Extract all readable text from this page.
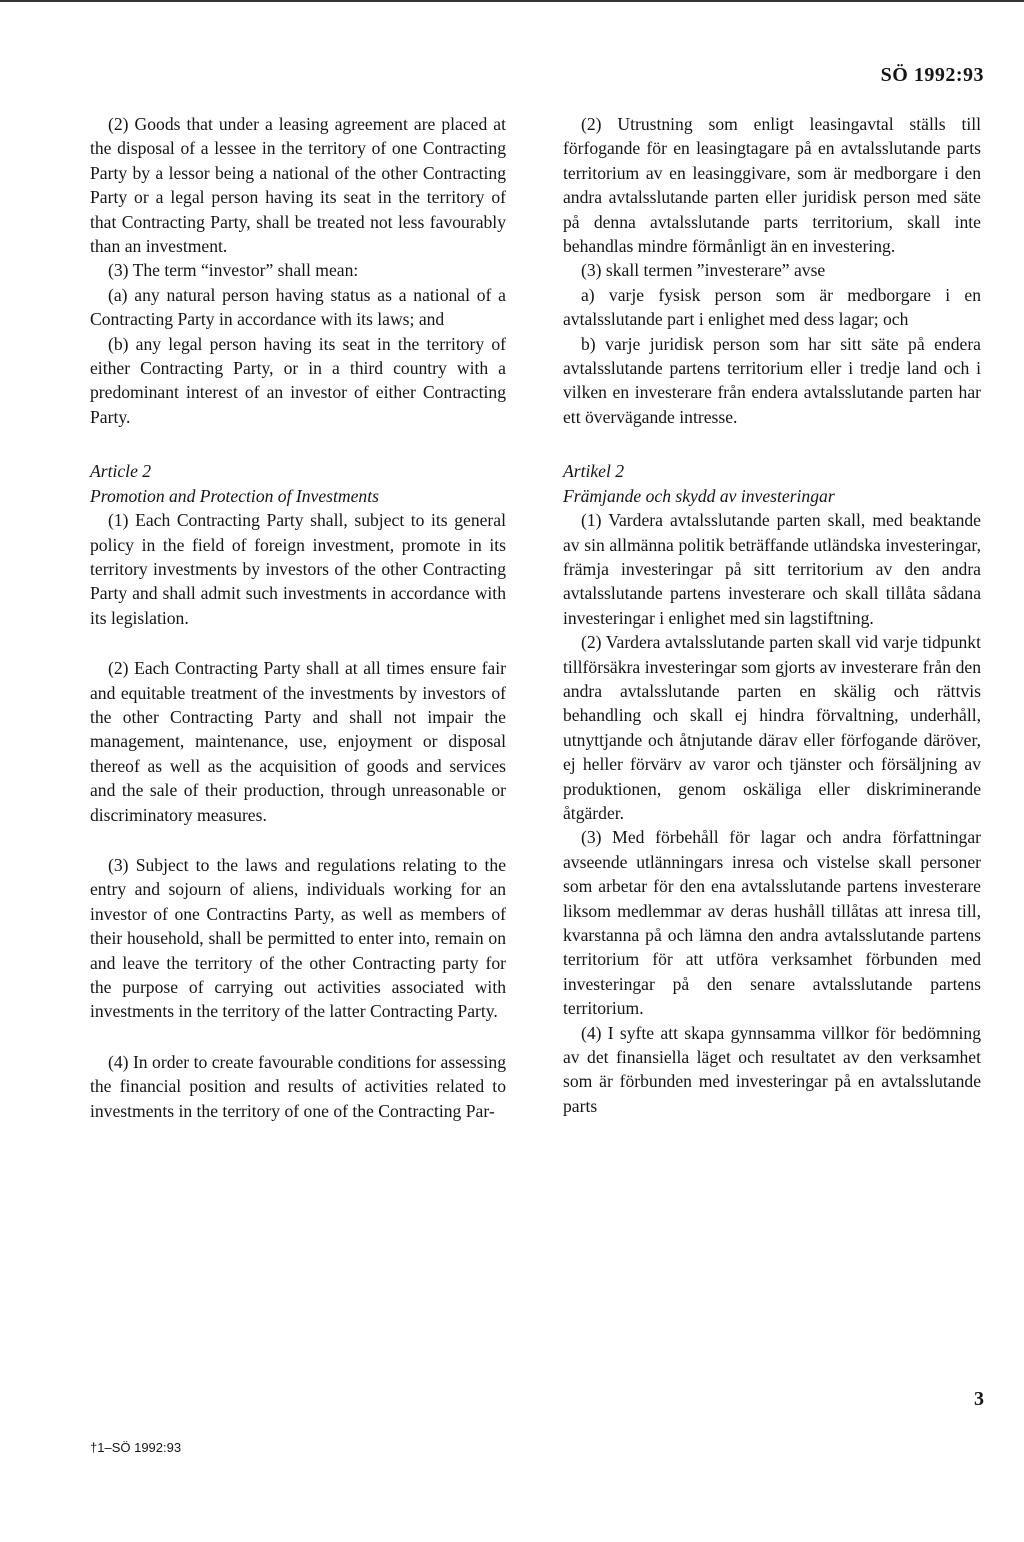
SÖ 1992:93

(2) Goods that under a leasing agreement are placed at the disposal of a lessee in the territory of one Contracting Party by a lessor being a national of the other Contracting Party or a legal person having its seat in the territory of that Contracting Party, shall be treated not less favourably than an investment.

(3) The term “investor” shall mean:

(a) any natural person having status as a national of a Contracting Party in accordance with its laws; and

(b) any legal person having its seat in the territory of either Contracting Party, or in a third country with a predominant interest of an investor of either Contracting Party.

Article 2

Promotion and Protection of Investments

(1) Each Contracting Party shall, subject to its general policy in the field of foreign investment, promote in its territory investments by investors of the other Contracting Party and shall admit such investments in accordance with its legislation.

(2) Each Contracting Party shall at all times ensure fair and equitable treatment of the investments by investors of the other Contracting Party and shall not impair the management, maintenance, use, enjoyment or disposal thereof as well as the acquisition of goods and services and the sale of their production, through unreasonable or discriminatory measures.

(3) Subject to the laws and regulations relating to the entry and sojourn of aliens, individuals working for an investor of one Contractins Party, as well as members of their household, shall be permitted to enter into, remain on and leave the territory of the other Contracting party for the purpose of carrying out activities associated with investments in the territory of the latter Contracting Party.

(4) In order to create favourable conditions for assessing the financial position and results of activities related to investments in the territory of one of the Contracting Par-

(2) Utrustning som enligt leasingavtal ställs till förfogande för en leasingtagare på en avtalsslutande parts territorium av en leasinggivare, som är medborgare i den andra avtalsslutande parten eller juridisk person med säte på denna avtalsslutande parts territorium, skall inte behandlas mindre förmånligt än en investering.

(3) skall termen ”investerare” avse

a) varje fysisk person som är medborgare i en avtalsslutande part i enlighet med dess lagar; och

b) varje juridisk person som har sitt säte på endera avtalsslutande partens territorium eller i tredje land och i vilken en investerare från endera avtalsslutande parten har ett övervägande intresse.

Artikel 2

Främjande och skydd av investeringar

(1) Vardera avtalsslutande parten skall, med beaktande av sin allmänna politik beträffande utländska investeringar, främja investeringar på sitt territorium av den andra avtalsslutande partens investerare och skall tillåta sådana investeringar i enlighet med sin lagstiftning.

(2) Vardera avtalsslutande parten skall vid varje tidpunkt tillförsäkra investeringar som gjorts av investerare från den andra avtalsslutande parten en skälig och rättvis behandling och skall ej hindra förvaltning, underhåll, utnyttjande och åtnjutande därav eller förfogande däröver, ej heller förvärv av varor och tjänster och försäljning av produktionen, genom oskäliga eller diskriminerande åtgärder.

(3) Med förbehåll för lagar och andra författningar avseende utlänningars inresa och vistelse skall personer som arbetar för den ena avtalsslutande partens investerare liksom medlemmar av deras hushåll tillåtas att inresa till, kvarstanna på och lämna den andra avtalsslutande partens territorium för att utföra verksamhet förbunden med investeringar på den senare avtalsslutande partens territorium.

(4) I syfte att skapa gynnsamma villkor för bedömning av det finansiella läget och resultatet av den verksamhet som är förbunden med investeringar på en avtalsslutande parts

3
†1–SÖ 1992:93
